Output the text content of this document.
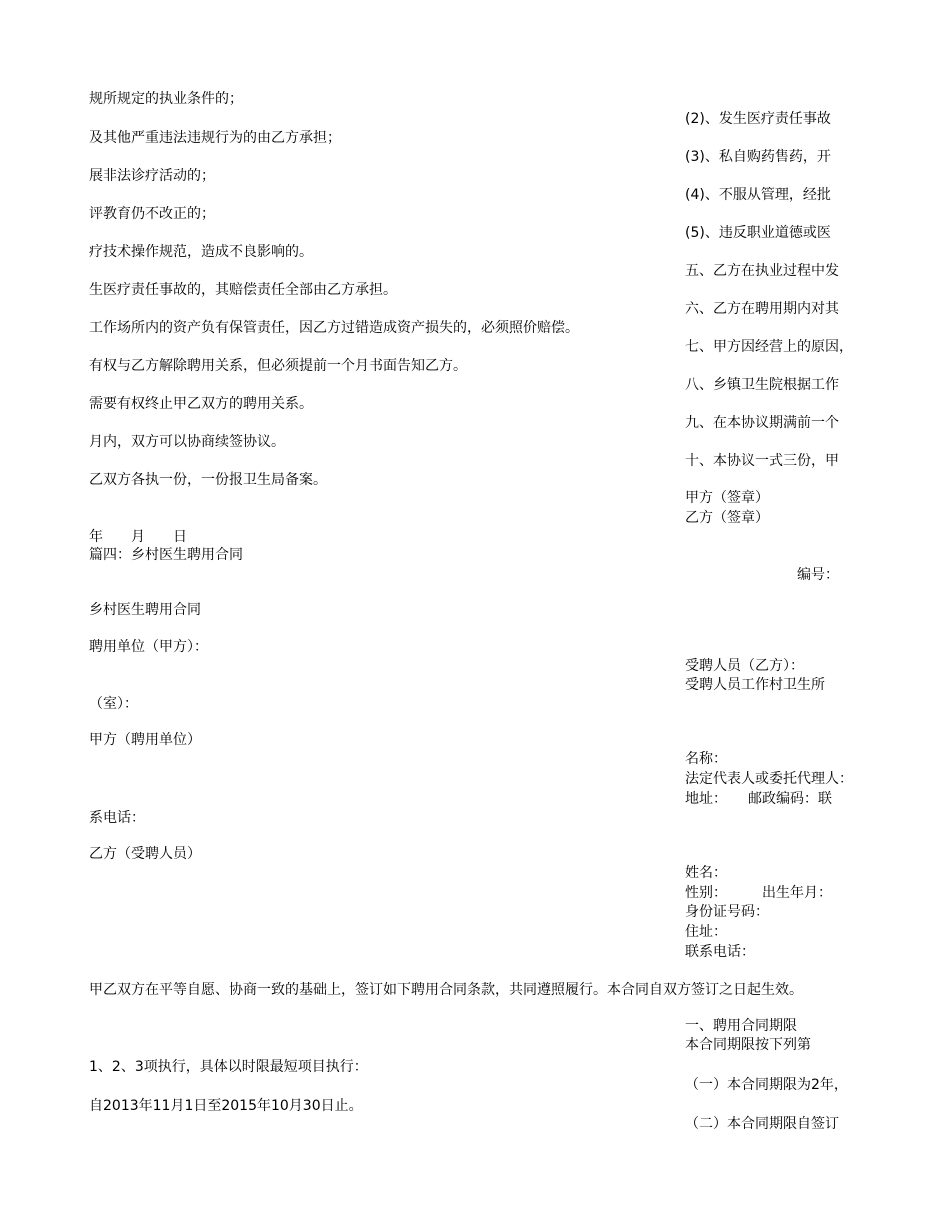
规所规定的执业条件的；
及其他严重违法违规行为的由乙方承担；
展非法诊疗活动的；
评教育仍不改正的；
疗技术操作规范，造成不良影响的。
生医疗责任事故的，其赔偿责任全部由乙方承担。
工作场所内的资产负有保管责任，因乙方过错造成资产损失的，必须照价赔偿。
有权与乙方解除聘用关系，但必须提前一个月书面告知乙方。
需要有权终止甲乙双方的聘用关系。
月内，双方可以协商续签协议。
乙双方各执一份，一份报卫生局备案。
年　　月　　日
篇四：乡村医生聘用合同
乡村医生聘用合同
聘用单位（甲方）：
（室）：
甲方（聘用单位）
系电话：
乙方（受聘人员）
甲乙双方在平等自愿、协商一致的基础上，签订如下聘用合同条款，共同遵照履行。本合同自双方签订之日起生效。
1、2、3项执行，具体以时限最短项目执行：
自2013年11月1日至2015年10月30日止。
(2)、发生医疗责任事故
(3)、私自购药售药，开
(4)、不服从管理，经批
(5)、违反职业道德或医
五、乙方在执业过程中发
六、乙方在聘用期内对其
七、甲方因经营上的原因，
八、乡镇卫生院根据工作
九、在本协议期满前一个
十、本协议一式三份，甲
甲方（签章）
乙方（签章）
编号：
受聘人员（乙方）：
受聘人员工作村卫生所
名称：
法定代表人或委托代理人：
地址：　　邮政编码：联
姓名：
性别：　　　出生年月：
身份证号码：
住址：
联系电话：
一、聘用合同期限
本合同期限按下列第
（一）本合同期限为2年，
（二）本合同期限自签订
